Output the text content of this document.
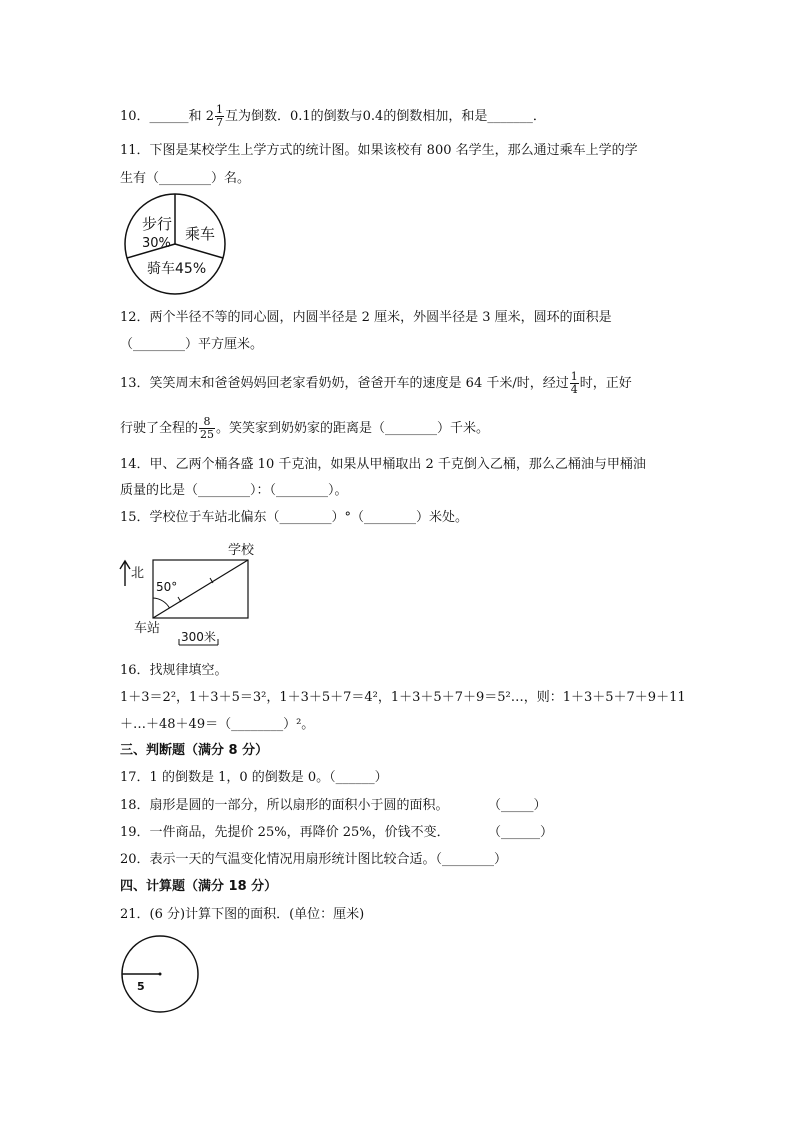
10．______和 $2 \frac{1}{7}$ 互为倒数．0.1的倒数与0.4的倒数相加，和是_______．
11．下图是某校学生上学方式的统计图。如果该校有 800 名学生，那么通过乘车上学的学
生有（________）名。
步行
30%
乘车
骑车45%
12．两个半径不等的同心圆，内圆半径是 2 厘米，外圆半径是 3 厘米，圆环的面积是
（________）平方厘米。
13．笑笑周末和爸爸妈妈回老家看奶奶，爸爸开车的速度是 64 千米/时，经过 $\frac{1}{4}$ 时，正好
行驶了全程的 $\frac{8}{25}$ 。笑笑家到奶奶家的距离是（________）千米。
14．甲、乙两个桶各盛 10 千克油，如果从甲桶取出 2 千克倒入乙桶，那么乙桶油与甲桶油
质量的比是（________）：（________）。
15．学校位于车站北偏东（________）°（________）米处。
学校
北
50°
车站
300米
16．找规律填空。
1＋3＝2²，1＋3＋5＝3²，1＋3＋5＋7＝4²，1＋3＋5＋7＋9＝5²…，则：1＋3＋5＋7＋9＋11
＋…＋48＋49＝（________）²。
三、判断题（满分 8 分）
17．1 的倒数是 1，0 的倒数是 0。（______）
18．扇形是圆的一部分，所以扇形的面积小于圆的面积。	（_____）
19．一件商品，先提价 25%，再降价 25%，价钱不变．	（______）
20．表示一天的气温变化情况用扇形统计图比较合适。（________）
四、计算题（满分 18 分）
21．(6 分)计算下图的面积．(单位：厘米)
5
